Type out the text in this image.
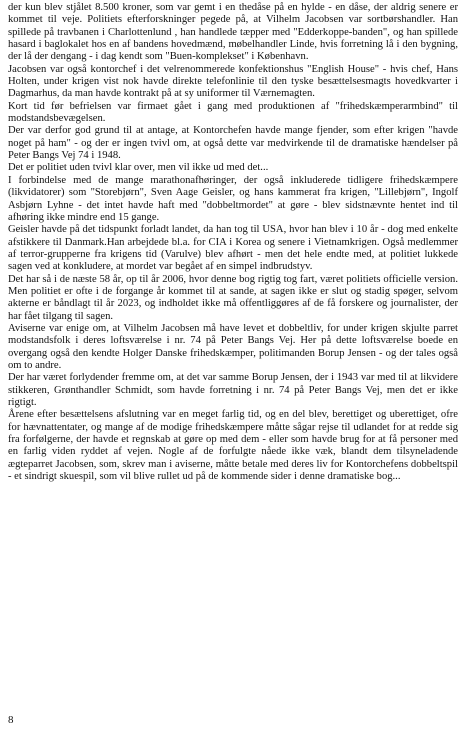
der kun blev stjålet 8.500 kroner, som var gemt i en thedåse på en hylde - en dåse, der aldrig senere er kommet til veje. Politiets efterforskninger pegede på, at Vilhelm Jacobsen var sortbørshandler. Han spillede på travbanen i Charlottenlund , han handlede tæpper med "Edderkoppe-banden", og han spillede hasard i baglokalet hos en af bandens hovedmænd, møbelhandler Linde, hvis forretning lå i den bygning, der lå der dengang - i dag kendt som "Buen-komplekset" i København.

Jacobsen var også kontorchef i det velrenommerede konfektionshus "English House" - hvis chef, Hans Holten, under krigen vist nok havde direkte telefonlinie til den tyske besættelsesmagts hovedkvarter i Dagmarhus, da man havde kontrakt på at sy uniformer til Værnemagten.

Kort tid før befrielsen var firmaet gået i gang med produktionen af "frihedskæmperarmbind" til modstandsbevægelsen.

Der var derfor god grund til at antage, at Kontorchefen havde mange fjender, som efter krigen "havde noget på ham" - og der er ingen tvivl om, at også dette var medvirkende til de dramatiske hændelser på Peter Bangs Vej 74 i 1948.

Det er politiet uden tvivl klar over, men vil ikke ud med det...

I forbindelse med de mange marathonafhøringer, der også inkluderede tidligere frihedskæmpere (likvidatorer) som "Storebjørn", Sven Aage Geisler, og hans kammerat fra krigen, "Lillebjørn", Ingolf Asbjørn Lyhne - det intet havde haft med "dobbeltmordet" at gøre - blev sidstnævnte hentet ind til afhøring ikke mindre end 15 gange.

Geisler havde på det tidspunkt forladt landet, da han tog til USA, hvor han blev i 10 år - dog med enkelte afstikkere til Danmark.Han arbejdede bl.a. for CIA i Korea og senere i Vietnamkrigen. Også medlemmer af terror-grupperne fra krigens tid (Varulve) blev afhørt - men det hele endte med, at politiet lukkede sagen ved at konkludere, at mordet var begået af en simpel indbrudstyv.

Det har så i de næste 58 år, op til år 2006, hvor denne bog rigtig tog fart, været politiets officielle version. Men politiet er ofte i de forgange år kommet til at sande, at sagen ikke er slut og stadig spøger, selvom akterne er båndlagt til år 2023, og indholdet ikke må offentliggøres af de få forskere og journalister, der har fået tilgang til sagen.

Aviserne var enige om, at Vilhelm Jacobsen må have levet et dobbeltliv, for under krigen skjulte parret modstandsfolk i deres loftsværelse i nr. 74 på Peter Bangs Vej. Her på dette loftsværelse boede en overgang også den kendte Holger Danske frihedskæmper, politimanden Borup Jensen - og der tales også om to andre.

Der har været forlydender fremme om, at det var samme Borup Jensen, der i 1943 var med til at likvidere stikkeren, Grønthandler Schmidt, som havde forretning i nr. 74 på Peter Bangs Vej, men det er ikke rigtigt.

Årene efter besættelsens afslutning var en meget farlig tid, og en del blev, berettiget og uberettiget, ofre for hævnattentater, og mange af de modige frihedskæmpere måtte sågar rejse til udlandet for at redde sig fra forfølgerne, der havde et regnskab at gøre op med dem - eller som havde brug for at få personer med en farlig viden ryddet af vejen. Nogle af de forfulgte nåede ikke væk, blandt dem tilsyneladende ægteparret Jacobsen, som, skrev man i aviserne, måtte betale med deres liv for Kontorchefens dobbeltspil - et sindrigt skuespil, som vil blive rullet ud på de kommende sider i denne dramatiske bog...

8
